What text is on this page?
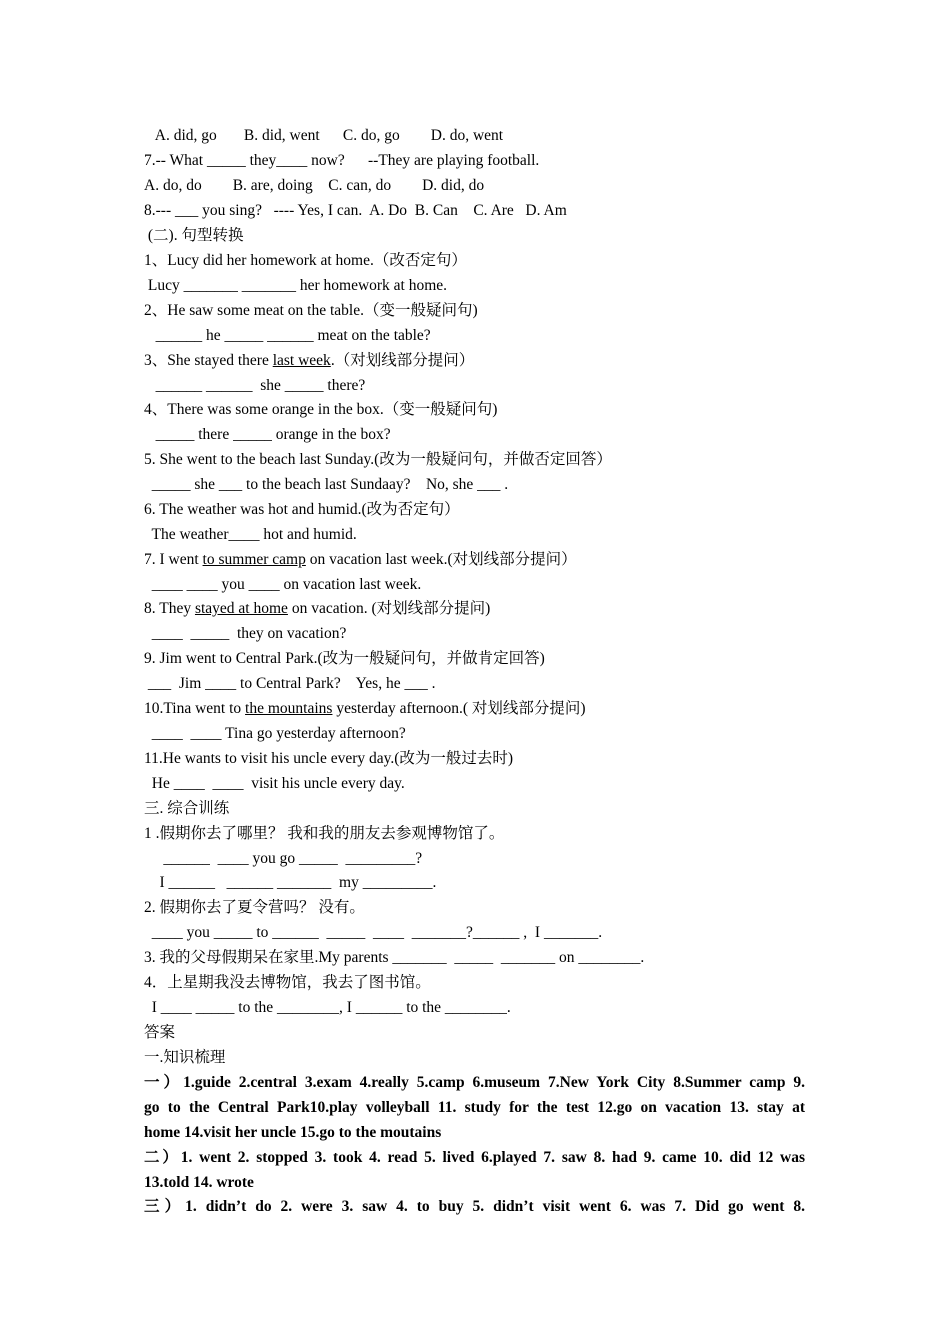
A. did, go       B. did, went      C. do, go        D. do, went
7.-- What _____ they____ now?      --They are playing football.
A. do, do        B. are, doing    C. can, do        D. did, do
8.--- ___ you sing?   ---- Yes, I can.  A. Do  B. Can    C. Are   D. Am
(二). 句型转换
1、Lucy did her homework at home.（改否定句）
Lucy _______ _______ her homework at home.
2、He saw some meat on the table.（变一般疑问句)
______ he _____ ______ meat on the table?
3、She stayed there last week.（对划线部分提问）
______ ______  she _____ there?
4、There was some orange in the box.（变一般疑问句)
_____ there _____ orange in the box?
5. She went to the beach last Sunday.(改为一般疑问句，并做否定回答）
_____ she ___ to the beach last Sundaay?    No, she ___ .
6. The weather was hot and humid.(改为否定句）
The weather____ hot and humid.
7. I went to summer camp on vacation last week.(对划线部分提问）
____ ____ you ____ on vacation last week.
8. They stayed at home on vacation. (对划线部分提问)
____  _____  they on vacation?
9. Jim went to Central Park.(改为一般疑问句，并做肯定回答)
___  Jim ____ to Central Park?    Yes, he ___ .
10.Tina went to the mountains yesterday afternoon.( 对划线部分提问)
____  ____ Tina go yesterday afternoon?
11.He wants to visit his uncle every day.(改为一般过去时)
He ____  ____  visit his uncle every day.
三. 综合训练
1 .假期你去了哪里？ 我和我的朋友去参观博物馆了。
______  ____ you go _____  _________?
I ______   ______ _______  my _________.
2. 假期你去了夏令营吗？ 没有。
____ you _____ to ______  _____  ____  _______?______ ,  I _______.
3. 我的父母假期呆在家里.My parents _______  _____  _______ on ________.
4．上星期我没去博物馆，我去了图书馆。
I ____ _____ to the ________, I ______ to the ________.
答案
一.知识梳理
一）1.guide 2.central 3.exam 4.really 5.camp 6.museum 7.New York City 8.Summer camp 9.
go to the Central Park10.play volleyball 11. study for the test 12.go on vacation 13. stay at
home 14.visit her uncle 15.go to the moutains
二）1. went 2. stopped 3. took 4. read 5. lived 6.played 7. saw 8. had 9. came 10. did 12 was
13.told 14. wrote
三）1. didn’t do 2. were 3. saw 4. to buy 5. didn’t visit went 6. was 7. Did go went 8.
